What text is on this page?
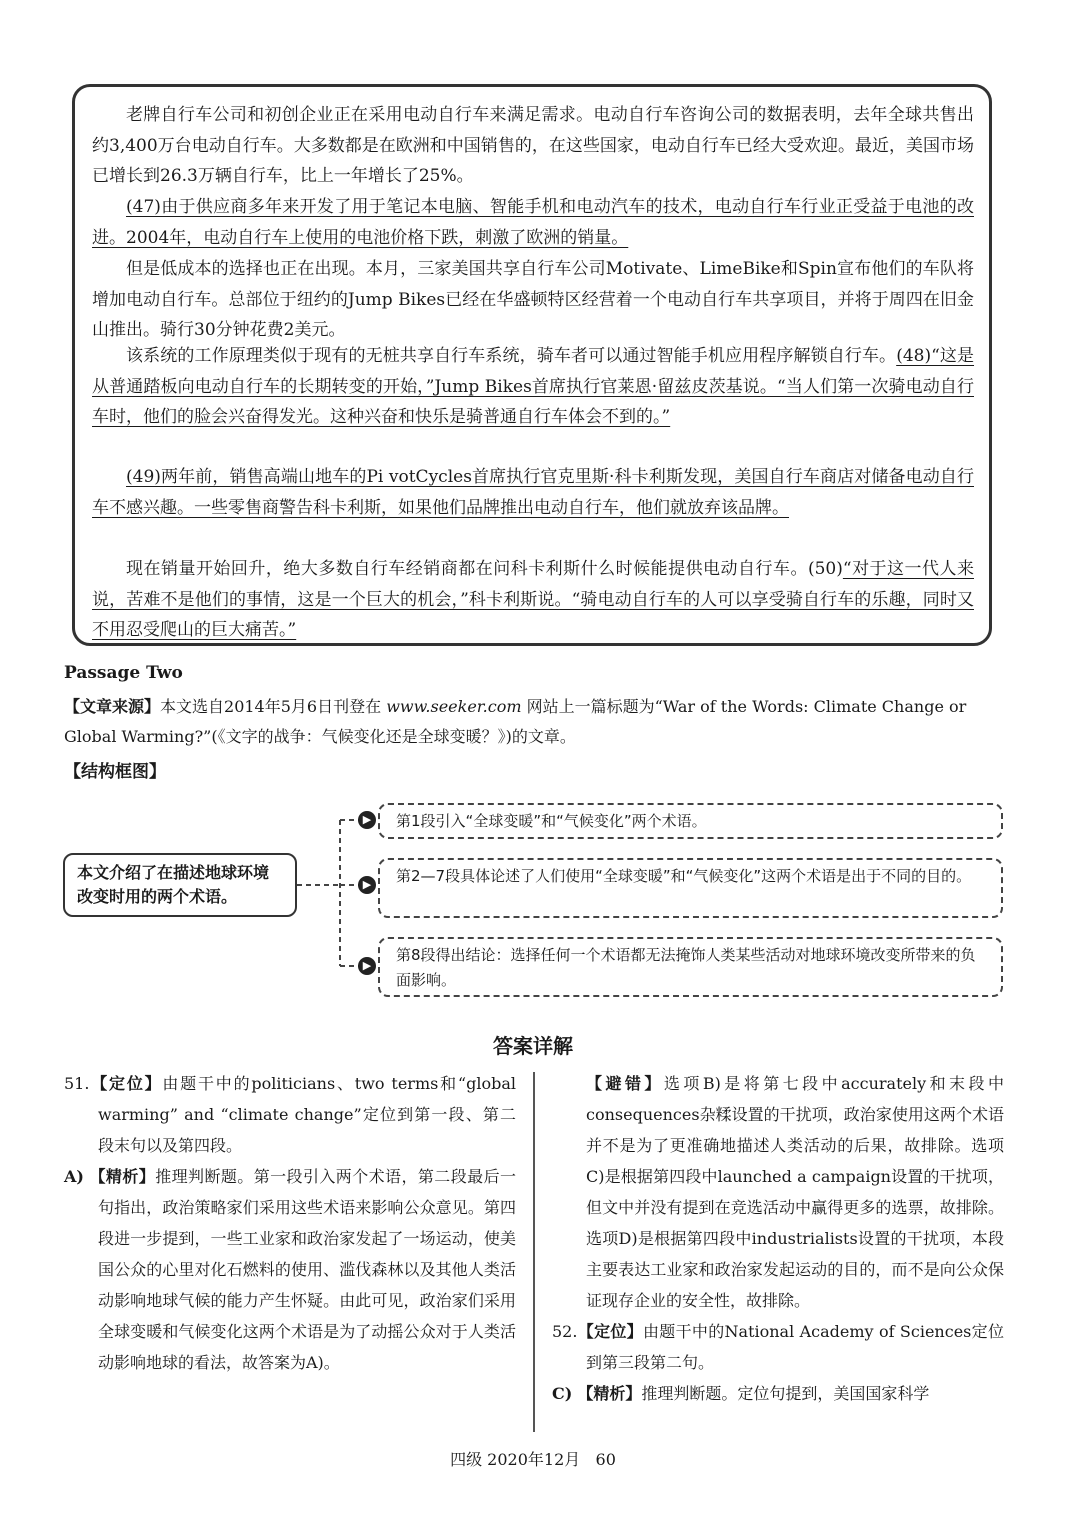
老牌自行车公司和初创企业正在采用电动自行车来满足需求。电动自行车咨询公司的数据表明，去年全球共售出约3,400万台电动自行车。大多数都是在欧洲和中国销售的，在这些国家，电动自行车已经大受欢迎。最近，美国市场已增长到26.3万辆自行车，比上一年增长了25%。

(47)由于供应商多年来开发了用于笔记本电脑、智能手机和电动汽车的技术，电动自行车行业正受益于电池的改进。2004年，电动自行车上使用的电池价格下跌，刺激了欧洲的销量。

但是低成本的选择也正在出现。本月，三家美国共享自行车公司Motivate、LimeBike和Spin宣布他们的车队将增加电动自行车。总部位于纽约的Jump Bikes已经在华盛顿特区经营着一个电动自行车共享项目，并将于周四在旧金山推出。骑行30分钟花费2美元。

该系统的工作原理类似于现有的无桩共享自行车系统，骑车者可以通过智能手机应用程序解锁自行车。(48)“这是从普通踏板向电动自行车的长期转变的开始，”Jump Bikes首席执行官莱恩·留兹皮茨基说。“当人们第一次骑电动自行车时，他们的脸会兴奋得发光。这种兴奋和快乐是骑普通自行车体会不到的。”

(49)两年前，销售高端山地车的Pi votCycles首席执行官克里斯·科卡利斯发现，美国自行车商店对储备电动自行车不感兴趣。一些零售商警告科卡利斯，如果他们品牌推出电动自行车，他们就放弃该品牌。

现在销量开始回升，绝大多数自行车经销商都在问科卡利斯什么时候能提供电动自行车。(50)“对于这一代人来说，苦难不是他们的事情，这是一个巨大的机会，”科卡利斯说。“骑电动自行车的人可以享受骑自行车的乐趣，同时又不用忍受爬山的巨大痛苦。”

Passage Two

【文章来源】本文选自2014年5月6日刊登在 www.seeker.com 网站上一篇标题为“War of the Words: Climate Change or Global Warming?”(《文字的战争：气候变化还是全球变暖？》)的文章。

【结构框图】

本文介绍了在描述地球环境改变时用的两个术语。
▶	第1段引入“全球变暖”和“气候变化”两个术语。
▶	第2—7段具体论述了人们使用“全球变暖”和“气候变化”这两个术语是出于不同的目的。
▶
第8段得出结论：选择任何一个术语都无法掩饰人类某些活动对地球环境改变所带来的负面影响。

答案详解

51.【定位】由题干中的politicians、two terms和“global warming” and “climate change”定位到第一段、第二段末句以及第四段。

A) 【精析】推理判断题。第一段引入两个术语，第二段最后一句指出，政治策略家们采用这些术语来影响公众意见。第四段进一步提到，一些工业家和政治家发起了一场运动，使美国公众的心里对化石燃料的使用、滥伐森林以及其他人类活动影响地球气候的能力产生怀疑。由此可见，政治家们采用全球变暖和气候变化这两个术语是为了动摇公众对于人类活动影响地球的看法，故答案为A)。

【避错】选项B)是将第七段中accurately和末段中consequences杂糅设置的干扰项，政治家使用这两个术语并不是为了更准确地描述人类活动的后果，故排除。选项C)是根据第四段中launched a campaign设置的干扰项，但文中并没有提到在竞选活动中赢得更多的选票，故排除。选项D)是根据第四段中industrialists设置的干扰项，本段主要表达工业家和政治家发起运动的目的，而不是向公众保证现存企业的安全性，故排除。

52.【定位】由题干中的National Academy of Sciences定位到第三段第二句。

C) 【精析】推理判断题。定位句提到，美国国家科学

四级 2020年12月 60
